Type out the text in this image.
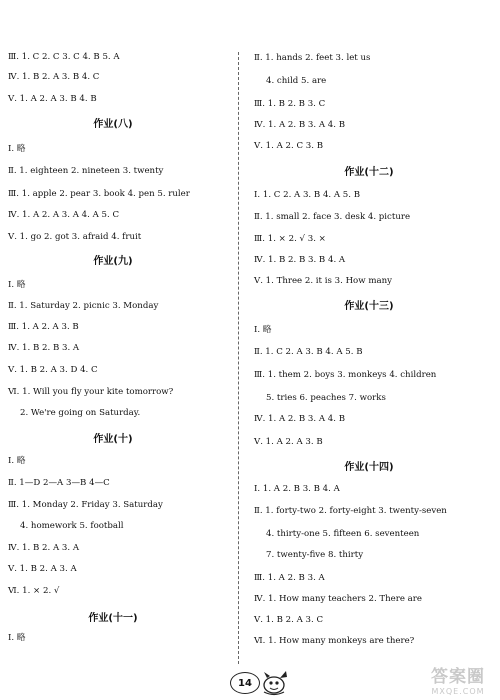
Ⅲ. 1. C 2. C 3. C 4. B 5. A
Ⅳ. 1. B 2. A 3. B 4. C
Ⅴ. 1. A 2. A 3. B 4. B
作业(八)
Ⅰ. 略
Ⅱ. 1. eighteen 2. nineteen 3. twenty
Ⅲ. 1. apple 2. pear 3. book 4. pen 5. ruler
Ⅳ. 1. A 2. A 3. A 4. A 5. C
Ⅴ. 1. go 2. got 3. afraid 4. fruit
作业(九)
Ⅰ. 略
Ⅱ. 1. Saturday 2. picnic 3. Monday
Ⅲ. 1. A 2. A 3. B
Ⅳ. 1. B 2. B 3. A
Ⅴ. 1. B 2. A 3. D 4. C
Ⅵ. 1. Will you fly your kite tomorrow?
2. We're going on Saturday.
作业(十)
Ⅰ. 略
Ⅱ. 1—D 2—A 3—B 4—C
Ⅲ. 1. Monday 2. Friday 3. Saturday
4. homework 5. football
Ⅳ. 1. B 2. A 3. A
Ⅴ. 1. B 2. A 3. A
Ⅵ. 1. × 2. √
作业(十一)
Ⅰ. 略
Ⅱ. 1. hands 2. feet 3. let us
4. child 5. are
Ⅲ. 1. B 2. B 3. C
Ⅳ. 1. A 2. B 3. A 4. B
Ⅴ. 1. A 2. C 3. B
作业(十二)
Ⅰ. 1. C 2. A 3. B 4. A 5. B
Ⅱ. 1. small 2. face 3. desk 4. picture
Ⅲ. 1. × 2. √ 3. ×
Ⅳ. 1. B 2. B 3. B 4. A
Ⅴ. 1. Three 2. it is 3. How many
作业(十三)
Ⅰ. 略
Ⅱ. 1. C 2. A 3. B 4. A 5. B
Ⅲ. 1. them 2. boys 3. monkeys 4. children
5. tries 6. peaches 7. works
Ⅳ. 1. A 2. B 3. A 4. B
Ⅴ. 1. A 2. A 3. B
作业(十四)
Ⅰ. 1. A 2. B 3. B 4. A
Ⅱ. 1. forty-two 2. forty-eight 3. twenty-seven
4. thirty-one 5. fifteen 6. seventeen
7. twenty-five 8. thirty
Ⅲ. 1. A 2. B 3. A
Ⅳ. 1. How many teachers 2. There are
Ⅴ. 1. B 2. A 3. C
Ⅵ. 1. How many monkeys are there?
14	答案圈
MXQE.COM
